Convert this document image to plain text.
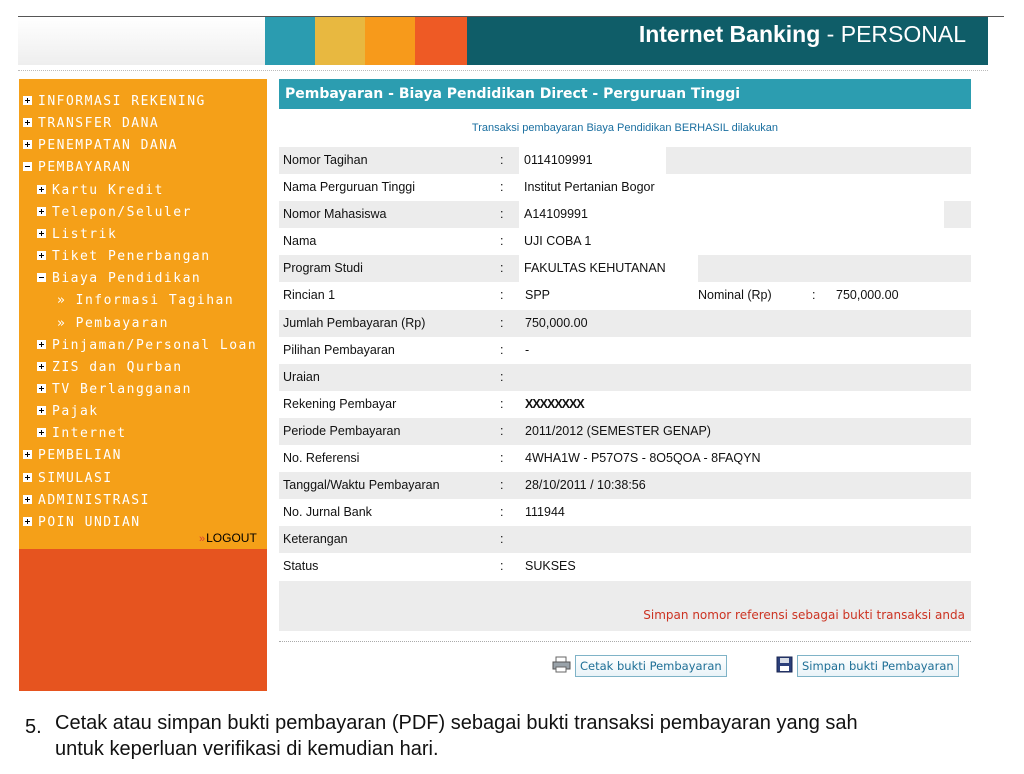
Internet Banking - PERSONAL
INFORMASI REKENING
TRANSFER DANA
PENEMPATAN DANA
PEMBAYARAN
Kartu Kredit
Telepon/Seluler
Listrik
Tiket Penerbangan
Biaya Pendidikan
» Informasi Tagihan
» Pembayaran
Pinjaman/Personal Loan
ZIS dan Qurban
TV Berlangganan
Pajak
Internet
PEMBELIAN
SIMULASI
ADMINISTRASI
POIN UNDIAN
»LOGOUT
Pembayaran - Biaya Pendidikan Direct - Perguruan Tinggi
Transaksi pembayaran Biaya Pendidikan BERHASIL dilakukan
Nomor Tagihan	:	0114109991
Nama Perguruan Tinggi	:	Institut Pertanian Bogor
Nomor Mahasiswa	:	A14109991
Nama	:	UJI COBA 1
Program Studi	:	FAKULTAS KEHUTANAN
Rincian 1	: SPP	Nominal (Rp)	: 750,000.00
Jumlah Pembayaran (Rp)	: 750,000.00
Pilihan Pembayaran	: -
Uraian	:
Rekening Pembayar	: XXXXXXXX
Periode Pembayaran	: 2011/2012 (SEMESTER GENAP)
No. Referensi	: 4WHA1W - P57O7S - 8O5QOA - 8FAQYN
Tanggal/Waktu Pembayaran	: 28/10/2011 / 10:38:56
No. Jurnal Bank	: 111944
Keterangan	:
Status	: SUKSES
Simpan nomor referensi sebagai bukti transaksi anda
Cetak bukti Pembayaran	Simpan bukti Pembayaran
5. Cetak atau simpan bukti pembayaran (PDF) sebagai bukti transaksi pembayaran yang sah
untuk keperluan verifikasi di kemudian hari.
